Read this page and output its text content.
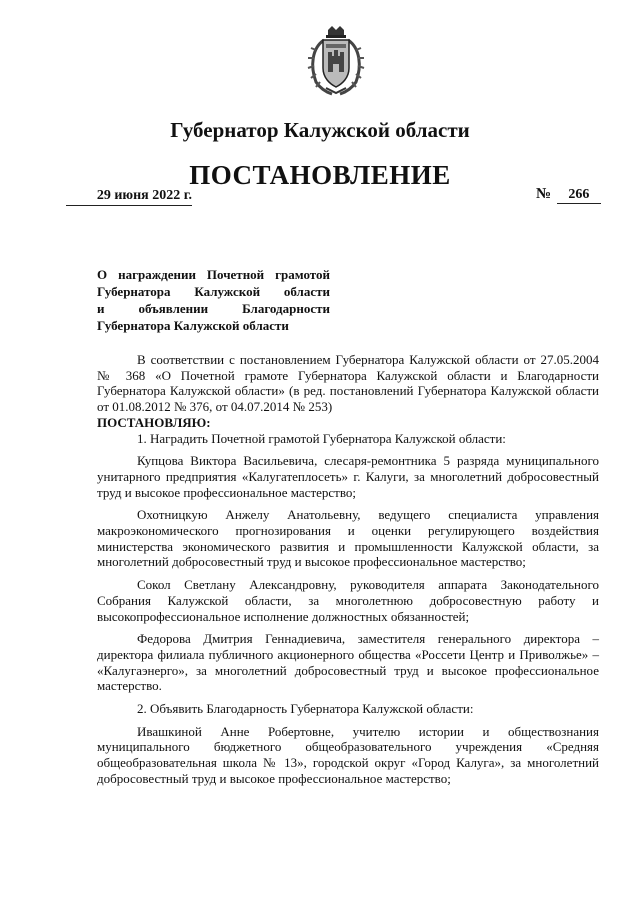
Губернатор Калужской области
ПОСТАНОВЛЕНИЕ
29 июня 2022 г.	№ 266
О награждении Почетной грамотой
Губернатора Калужской области
и объявлении Благодарности
Губернатора Калужской области

В соответствии с постановлением Губернатора Калужской области от 27.05.2004 № 368 «О Почетной грамоте Губернатора Калужской области и Благодарности Губернатора Калужской области» (в ред. постановлений Губернатора Калужской области от 01.08.2012 № 376, от 04.07.2014 № 253)

ПОСТАНОВЛЯЮ:

1. Наградить Почетной грамотой Губернатора Калужской области:

Купцова Виктора Васильевича, слесаря-ремонтника 5 разряда муниципального унитарного предприятия «Калугатеплосеть» г. Калуги, за многолетний добросовестный труд и высокое профессиональное мастерство;

Охотницкую Анжелу Анатольевну, ведущего специалиста управления макроэкономического прогнозирования и оценки регулирующего воздействия министерства экономического развития и промышленности Калужской области, за многолетний добросовестный труд и высокое профессиональное мастерство;

Сокол Светлану Александровну, руководителя аппарата Законодательного Собрания Калужской области, за многолетнюю добросовестную работу и высокопрофессиональное исполнение должностных обязанностей;

Федорова Дмитрия Геннадиевича, заместителя генерального директора – директора филиала публичного акционерного общества «Россети Центр и Приволжье» – «Калугаэнерго», за многолетний добросовестный труд и высокое профессиональное мастерство.

2. Объявить Благодарность Губернатора Калужской области:

Ивашкиной Анне Робертовне, учителю истории и обществознания муниципального бюджетного общеобразовательного учреждения «Средняя общеобразовательная школа № 13», городской округ «Город Калуга», за многолетний добросовестный труд и высокое профессиональное мастерство;
